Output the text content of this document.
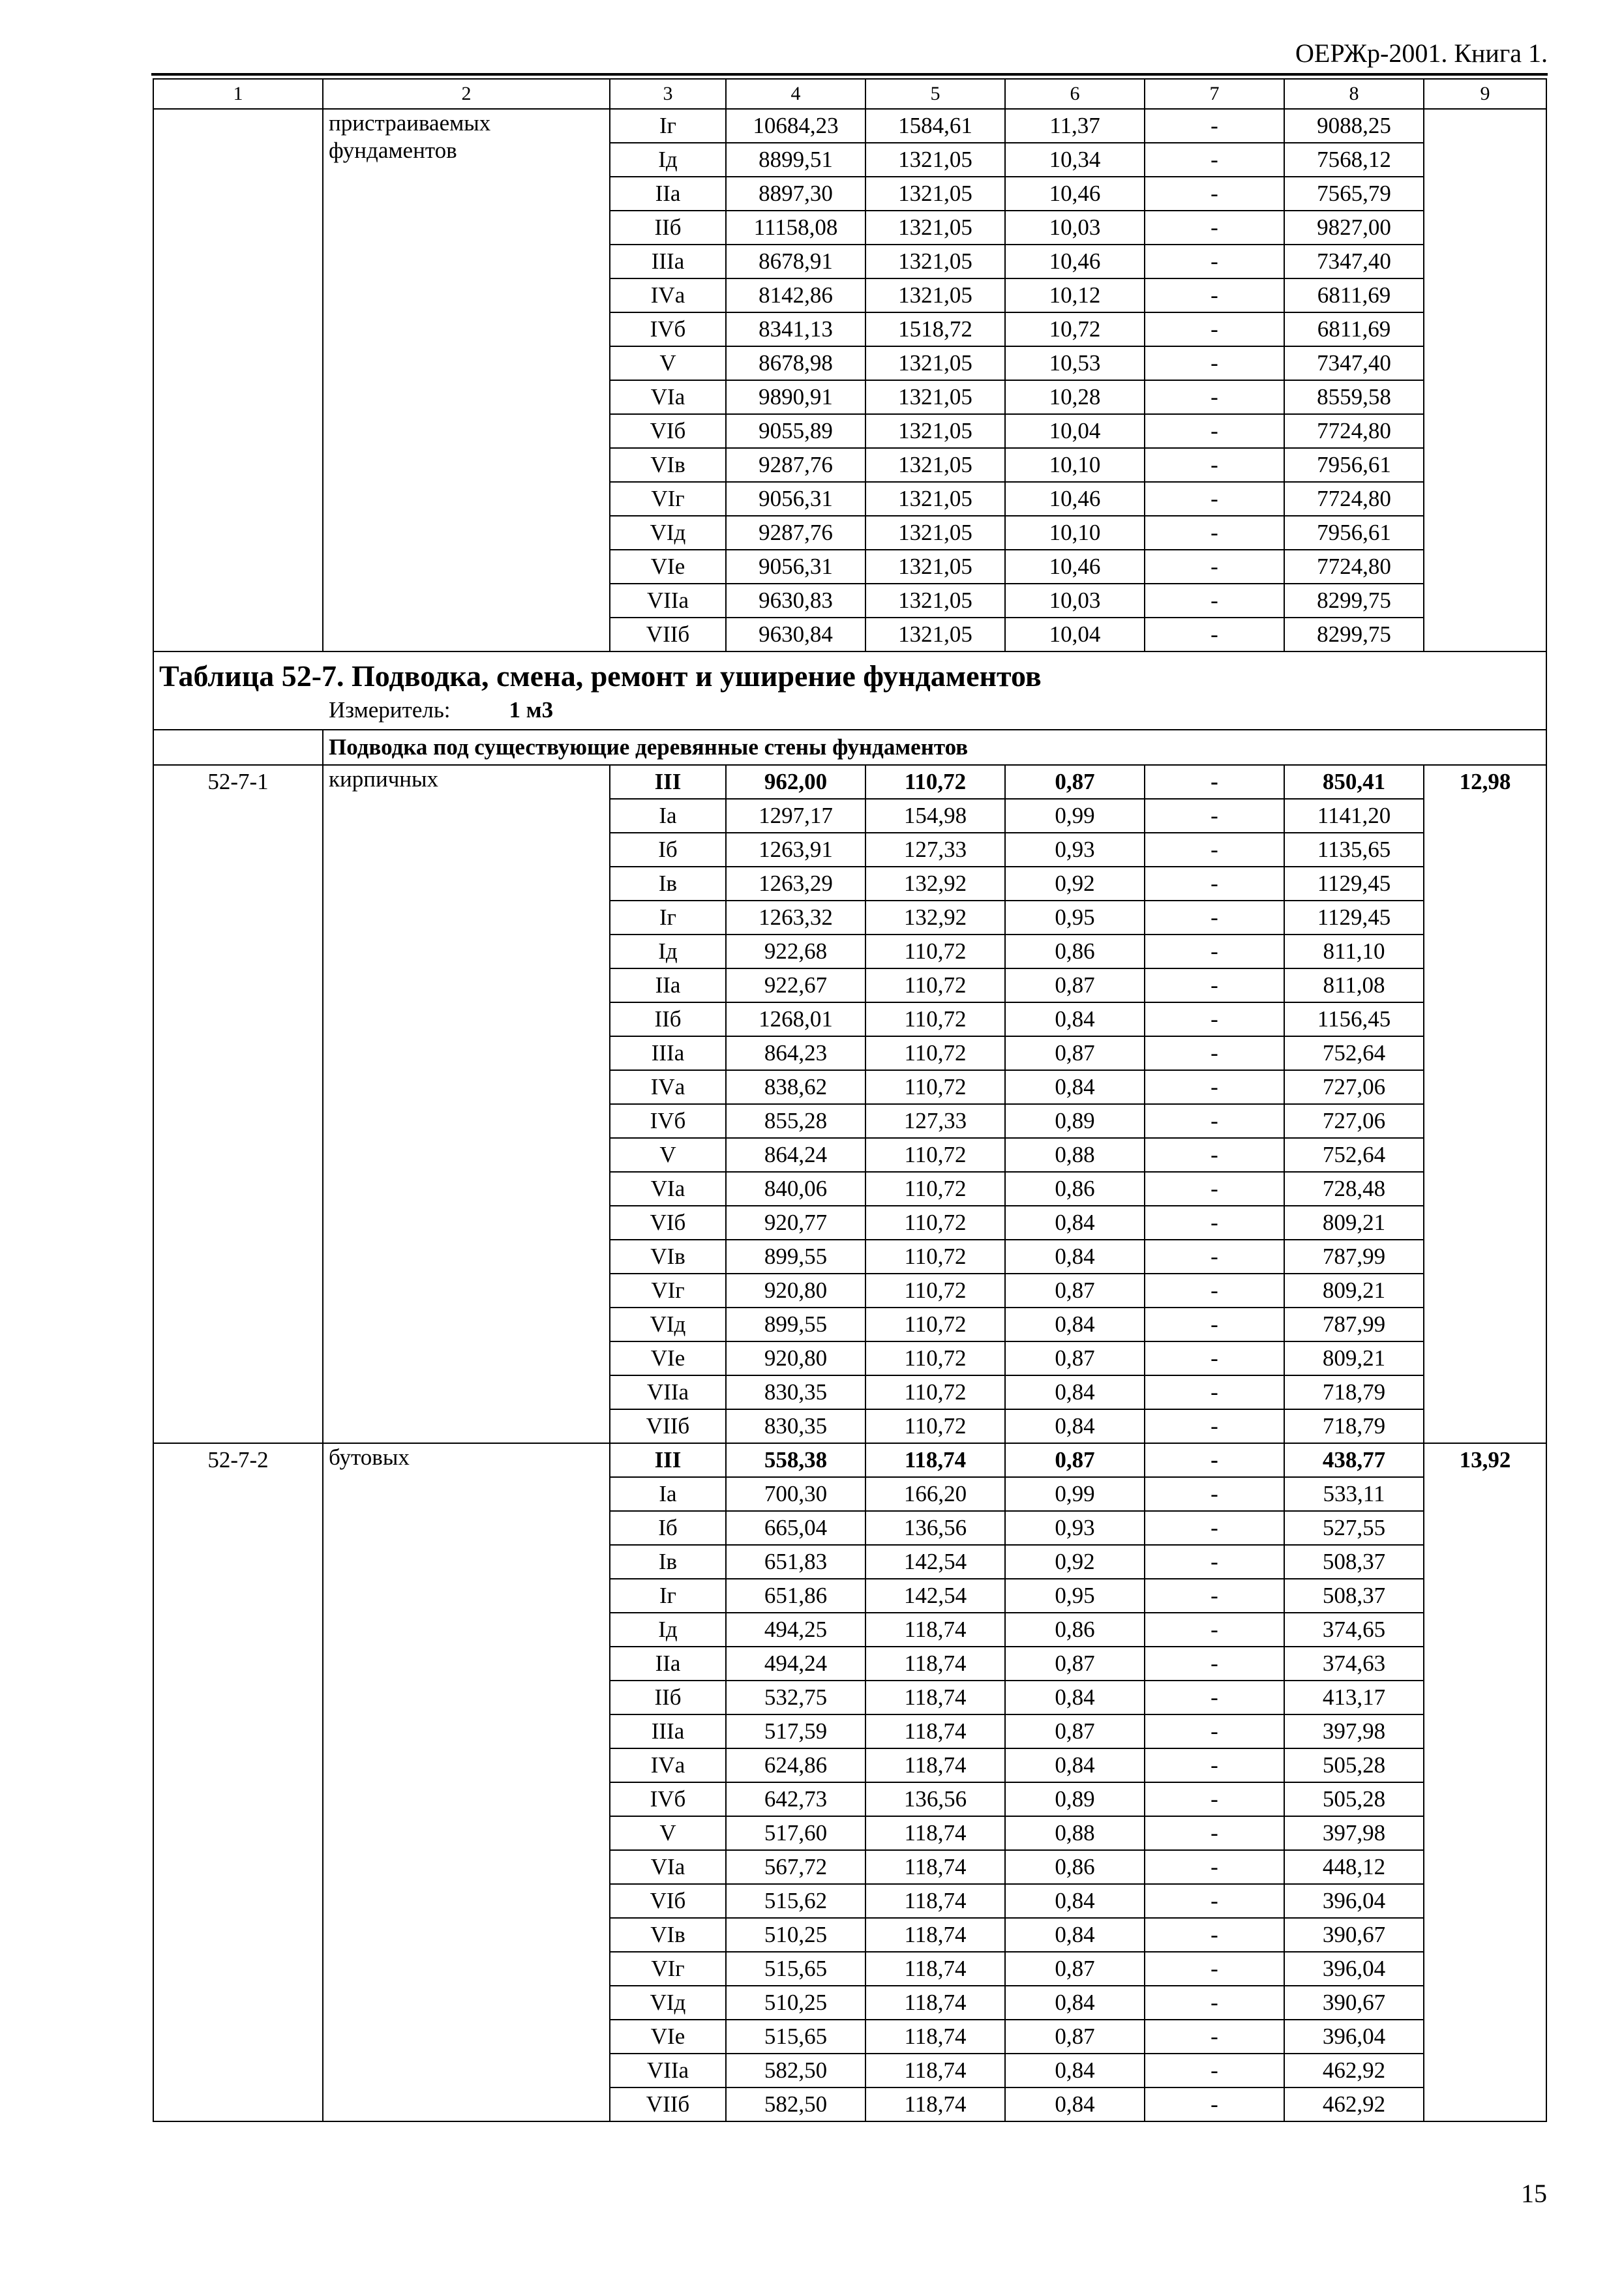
ОЕРЖр-2001. Книга 1.
1	2	3	4	5	6	7	8	9
	пристраиваемых фундаментов	Iг	10684,23	1584,61	11,37	-	9088,25	
		Iд	8899,51	1321,05	10,34	-	7568,12	
		IIа	8897,30	1321,05	10,46	-	7565,79	
		IIб	11158,08	1321,05	10,03	-	9827,00	
		IIIа	8678,91	1321,05	10,46	-	7347,40	
		IVа	8142,86	1321,05	10,12	-	6811,69	
		IVб	8341,13	1518,72	10,72	-	6811,69	
		V	8678,98	1321,05	10,53	-	7347,40	
		VIа	9890,91	1321,05	10,28	-	8559,58	
		VIб	9055,89	1321,05	10,04	-	7724,80	
		VIв	9287,76	1321,05	10,10	-	7956,61	
		VIг	9056,31	1321,05	10,46	-	7724,80	
		VIд	9287,76	1321,05	10,10	-	7956,61	
		VIе	9056,31	1321,05	10,46	-	7724,80	
		VIIа	9630,83	1321,05	10,03	-	8299,75	
		VIIб	9630,84	1321,05	10,04	-	8299,75	

Таблица 52-7. Подводка, смена, ремонт и уширение фундаментов
Измеритель: 1 м3								

	Подводка под существующие деревянные стены фундаментов							
52-7-1	кирпичных	III	962,00	110,72	0,87	-	850,41	12,98
		Iа	1297,17	154,98	0,99	-	1141,20	
		Iб	1263,91	127,33	0,93	-	1135,65	
		Iв	1263,29	132,92	0,92	-	1129,45	
		Iг	1263,32	132,92	0,95	-	1129,45	
		Iд	922,68	110,72	0,86	-	811,10	
		IIа	922,67	110,72	0,87	-	811,08	
		IIб	1268,01	110,72	0,84	-	1156,45	
		IIIа	864,23	110,72	0,87	-	752,64	
		IVа	838,62	110,72	0,84	-	727,06	
		IVб	855,28	127,33	0,89	-	727,06	
		V	864,24	110,72	0,88	-	752,64	
		VIа	840,06	110,72	0,86	-	728,48	
		VIб	920,77	110,72	0,84	-	809,21	
		VIв	899,55	110,72	0,84	-	787,99	
		VIг	920,80	110,72	0,87	-	809,21	
		VIд	899,55	110,72	0,84	-	787,99	
		VIе	920,80	110,72	0,87	-	809,21	
		VIIа	830,35	110,72	0,84	-	718,79	
		VIIб	830,35	110,72	0,84	-	718,79	
52-7-2	бутовых	III	558,38	118,74	0,87	-	438,77	13,92
		Iа	700,30	166,20	0,99	-	533,11	
		Iб	665,04	136,56	0,93	-	527,55	
		Iв	651,83	142,54	0,92	-	508,37	
		Iг	651,86	142,54	0,95	-	508,37	
		Iд	494,25	118,74	0,86	-	374,65	
		IIа	494,24	118,74	0,87	-	374,63	
		IIб	532,75	118,74	0,84	-	413,17	
		IIIа	517,59	118,74	0,87	-	397,98	
		IVа	624,86	118,74	0,84	-	505,28	
		IVб	642,73	136,56	0,89	-	505,28	
		V	517,60	118,74	0,88	-	397,98	
		VIа	567,72	118,74	0,86	-	448,12	
		VIб	515,62	118,74	0,84	-	396,04	
		VIв	510,25	118,74	0,84	-	390,67	
		VIг	515,65	118,74	0,87	-	396,04	
		VIд	510,25	118,74	0,84	-	390,67	
		VIе	515,65	118,74	0,87	-	396,04	
		VIIа	582,50	118,74	0,84	-	462,92	
		VIIб	582,50	118,74	0,84	-	462,92	
15
